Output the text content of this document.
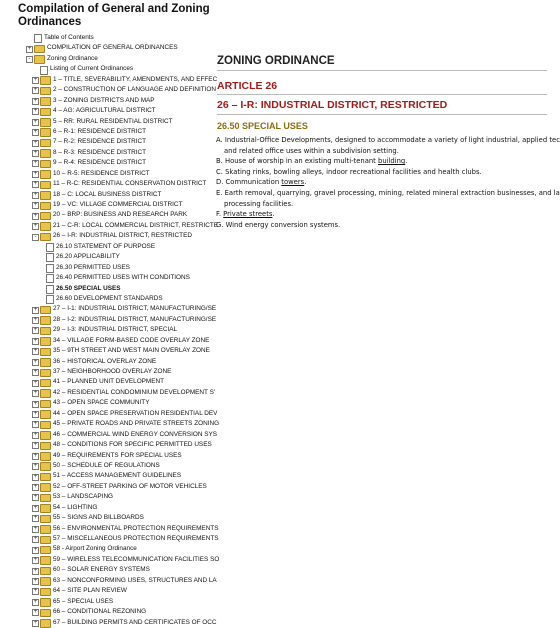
Compilation of General and Zoning Ordinances
Table of Contents
+ COMPILATION OF GENERAL ORDINANCES
-	Zoning Ordinance
Listing of Current Ordinances
+ 1 – TITLE, SEVERABILITY, AMENDMENTS, AND EFFEC
+ 2 – CONSTRUCTION OF LANGUAGE AND DEFINITION
+ 3 – ZONING DISTRICTS AND MAP
+ 4 – AG: AGRICULTURAL DISTRICT
+ 5 – RR: RURAL RESIDENTIAL DISTRICT
+ 6 – R-1: RESIDENCE DISTRICT
+ 7 – R-2: RESIDENCE DISTRICT
+ 8 – R-3: RESIDENCE DISTRICT
+ 9 – R-4: RESIDENCE DISTRICT
+ 10 – R-5: RESIDENCE DISTRICT
+ 11 – R-C: RESIDENTIAL CONSERVATION DISTRICT
+ 18 – C: LOCAL BUSINESS DISTRICT
+ 19 – VC: VILLAGE COMMERCIAL DISTRICT
+ 20 – BRP: BUSINESS AND RESEARCH PARK
+ 21 – C-R: LOCAL COMMERCIAL DISTRICT, RESTRICTE
-	26 – I-R: INDUSTRIAL DISTRICT, RESTRICTED
26.10 STATEMENT OF PURPOSE
26.20 APPLICABILITY
26.30 PERMITTED USES
26.40 PERMITTED USES WITH CONDITIONS
26.50 SPECIAL USES
26.60 DEVELOPMENT STANDARDS
+ 27 – I-1: INDUSTRIAL DISTRICT, MANUFACTURING/SE
+ 28 – I-2: INDUSTRIAL DISTRICT, MANUFACTURING/SE
+ 29 – I-3: INDUSTRIAL DISTRICT, SPECIAL
+ 34 – VILLAGE FORM-BASED CODE OVERLAY ZONE
+ 35 – 9TH STREET AND WEST MAIN OVERLAY ZONE
+ 36 – HISTORICAL OVERLAY ZONE
+ 37 – NEIGHBORHOOD OVERLAY ZONE
+ 41 – PLANNED UNIT DEVELOPMENT
+ 42 – RESIDENTIAL CONDOMINIUM DEVELOPMENT S'
+ 43 – OPEN SPACE COMMUNITY
+ 44 – OPEN SPACE PRESERVATION RESIDENTIAL DEV
+ 45 – PRIVATE ROADS AND PRIVATE STREETS ZONING
+ 46 – COMMERCIAL WIND ENERGY CONVERSION SYS
+ 48 – CONDITIONS FOR SPECIFIC PERMITTED USES
+ 49 – REQUIREMENTS FOR SPECIAL USES
+ 50 – SCHEDULE OF REGULATIONS
+ 51 – ACCESS MANAGEMENT GUIDELINES
+ 52 – OFF-STREET PARKING OF MOTOR VEHICLES
+ 53 – LANDSCAPING
+ 54 – LIGHTING
+ 55 – SIGNS AND BILLBOARDS
+ 56 – ENVIRONMENTAL PROTECTION REQUIREMENTS
+ 57 – MISCELLANEOUS PROTECTION REQUIREMENTS
+ 58 - Airport Zoning Ordinance
+ 59 – WIRELESS TELECOMMUNICATION FACILITIES SO
+ 60 – SOLAR ENERGY SYSTEMS
+ 63 – NONCONFORMING USES, STRUCTURES AND LA
+ 64 – SITE PLAN REVIEW
+ 65 – SPECIAL USES
+ 66 – CONDITIONAL REZONING
+ 67 – BUILDING PERMITS AND CERTIFICATES OF OCC
ZONING ORDINANCE
ARTICLE 26
26 – I-R: INDUSTRIAL DISTRICT, RESTRICTED
26.50 SPECIAL USES
A. Industrial-Office Developments, designed to accommodate a variety of light industrial, applied tec
and related office uses within a subdivision setting.
B. House of worship in an existing multi-tenant building.
C. Skating rinks, bowling alleys, indoor recreational facilities and health clubs.
D. Communication towers.
E. Earth removal, quarrying, gravel processing, mining, related mineral extraction businesses, and la
processing facilities.
F. Private streets.
G. Wind energy conversion systems.
